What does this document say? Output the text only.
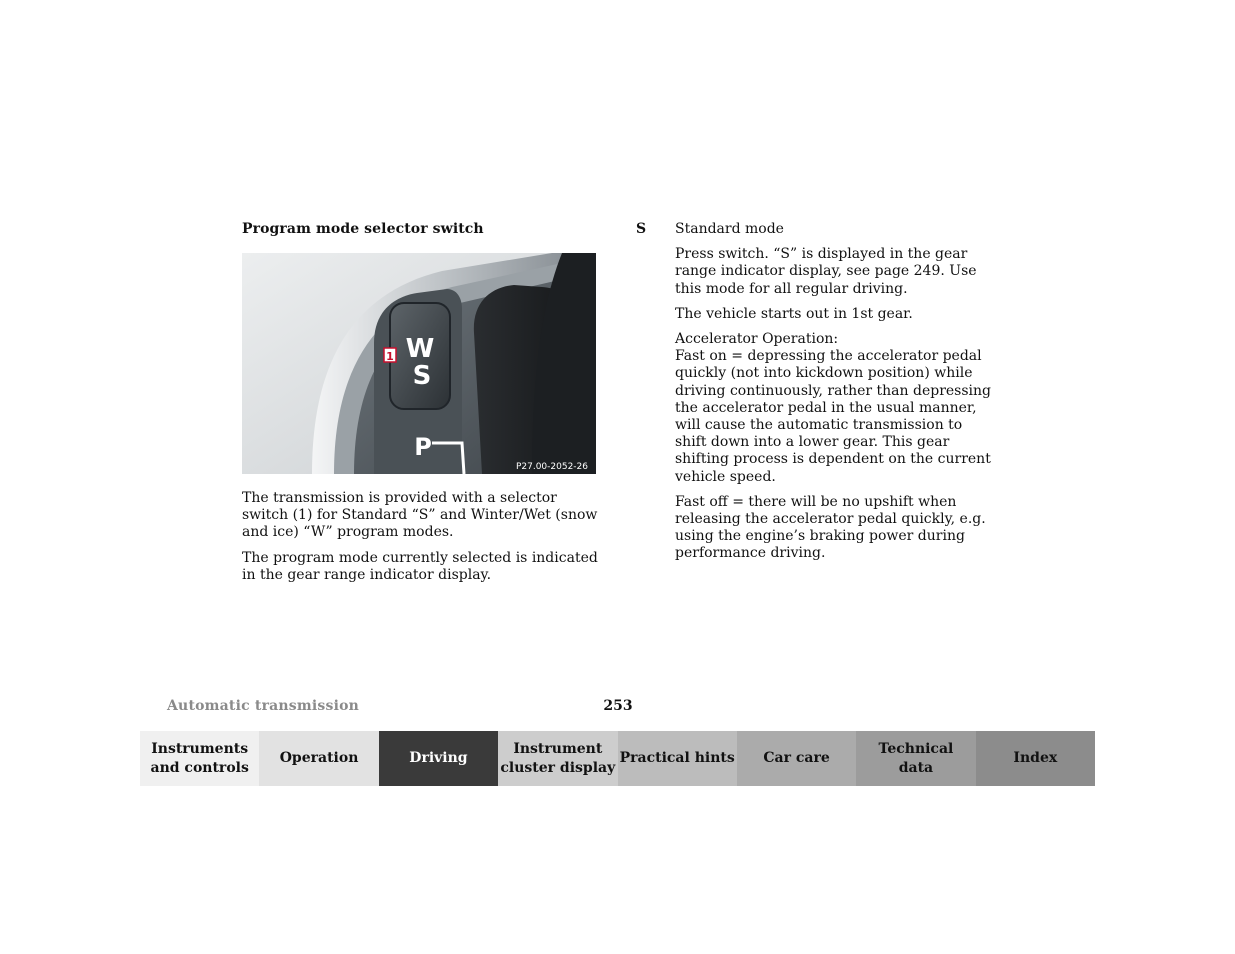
Program mode selector switch
W
S
P
1
P27.00-2052-26

The transmission is provided with a selector switch (1) for Standard “S” and Winter/Wet (snow and ice) “W” program modes.

The program mode currently selected is indicated in the gear range indicator display.

S Standard mode

Press switch. “S” is displayed in the gear range indicator display, see page 249. Use this mode for all regular driving.

The vehicle starts out in 1st gear.

Accelerator Operation:
Fast on = depressing the accelerator pedal quickly (not into kickdown position) while driving continuously, rather than depressing the accelerator pedal in the usual manner, will cause the automatic transmission to shift down into a lower gear. This gear shifting process is dependent on the current vehicle speed.

Fast off = there will be no upshift when releasing the accelerator pedal quickly, e.g. using the engine’s braking power during performance driving.

Automatic transmission	253
Instruments
and controls
Operation	Driving
Instrument
cluster display
Practical hints	Car care
Technical
data
Index
